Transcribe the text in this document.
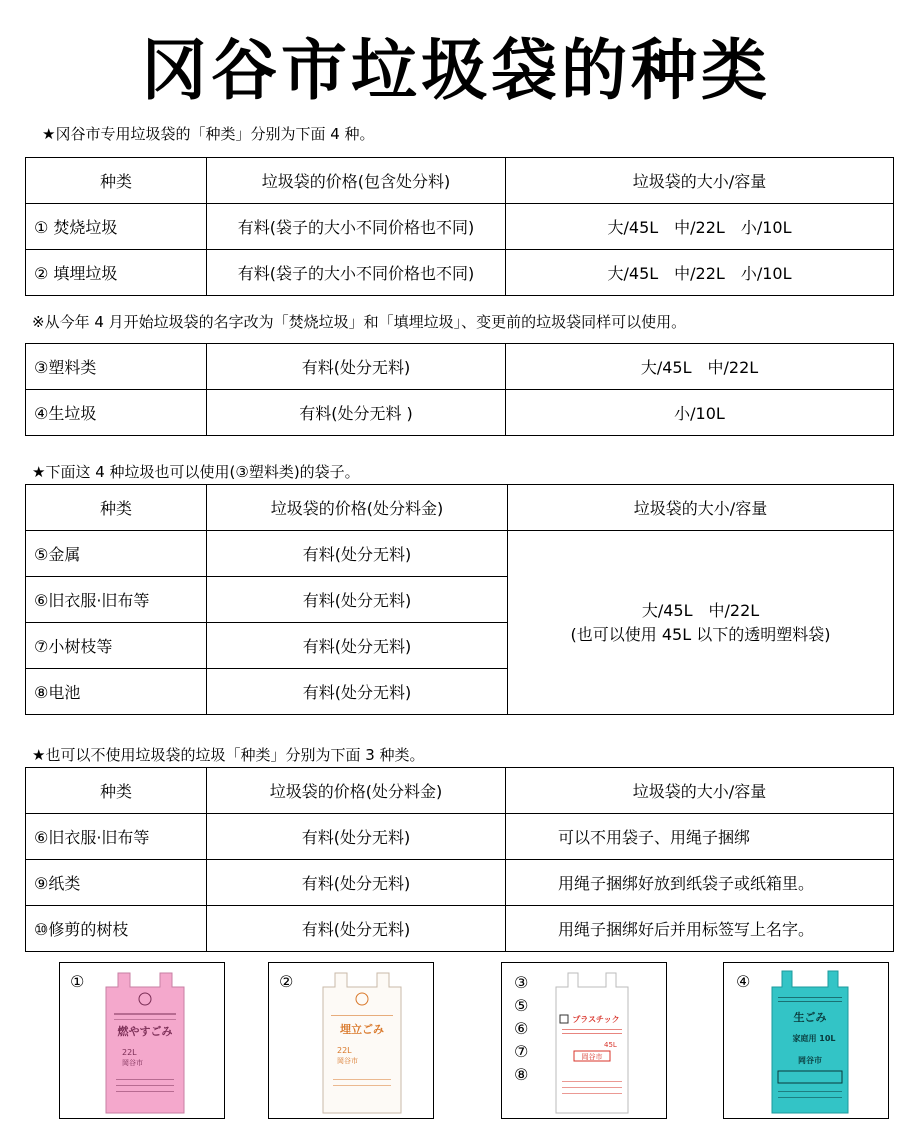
冈谷市垃圾袋的种类
★冈谷市专用垃圾袋的「种类」分别为下面 4 种。
种类	垃圾袋的价格(包含处分料)	垃圾袋的大小/容量
① 焚烧垃圾	有料(袋子的大小不同价格也不同)	大/45L　中/22L　小/10L
② 填埋垃圾	有料(袋子的大小不同价格也不同)	大/45L　中/22L　小/10L
※从今年 4 月开始垃圾袋的名字改为「焚烧垃圾」和「填埋垃圾」、变更前的垃圾袋同样可以使用。
③塑料类	有料(处分无料)	大/45L　中/22L
④生垃圾	有料(处分无料 )	小/10L
★下面这 4 种垃圾也可以使用(③塑料类)的袋子。
种类	垃圾袋的价格(处分料金)	垃圾袋的大小/容量
⑤金属	有料(处分无料)	大/45L　中/22L
(也可以使用 45L 以下的透明塑料袋)

⑥旧衣服·旧布等	有料(处分无料)	
⑦小树枝等	有料(处分无料)	
⑧电池	有料(处分无料)	
★也可以不使用垃圾袋的垃圾「种类」分别为下面 3 种类。
种类	垃圾袋的价格(处分料金)	垃圾袋的大小/容量
⑥旧衣服·旧布等	有料(处分无料)	可以不用袋子、用绳子捆绑
⑨纸类	有料(处分无料)	用绳子捆绑好放到纸袋子或纸箱里。
⑩修剪的树枝	有料(处分无料)	用绳子捆绑好后并用标签写上名字。
①
燃やすごみ
22L
岡谷市
②
埋立ごみ
22L
岡谷市
③
⑤
⑥
⑦
⑧
プラスチック
45L
岡谷市
④
生ごみ
家庭用 10L
岡谷市
